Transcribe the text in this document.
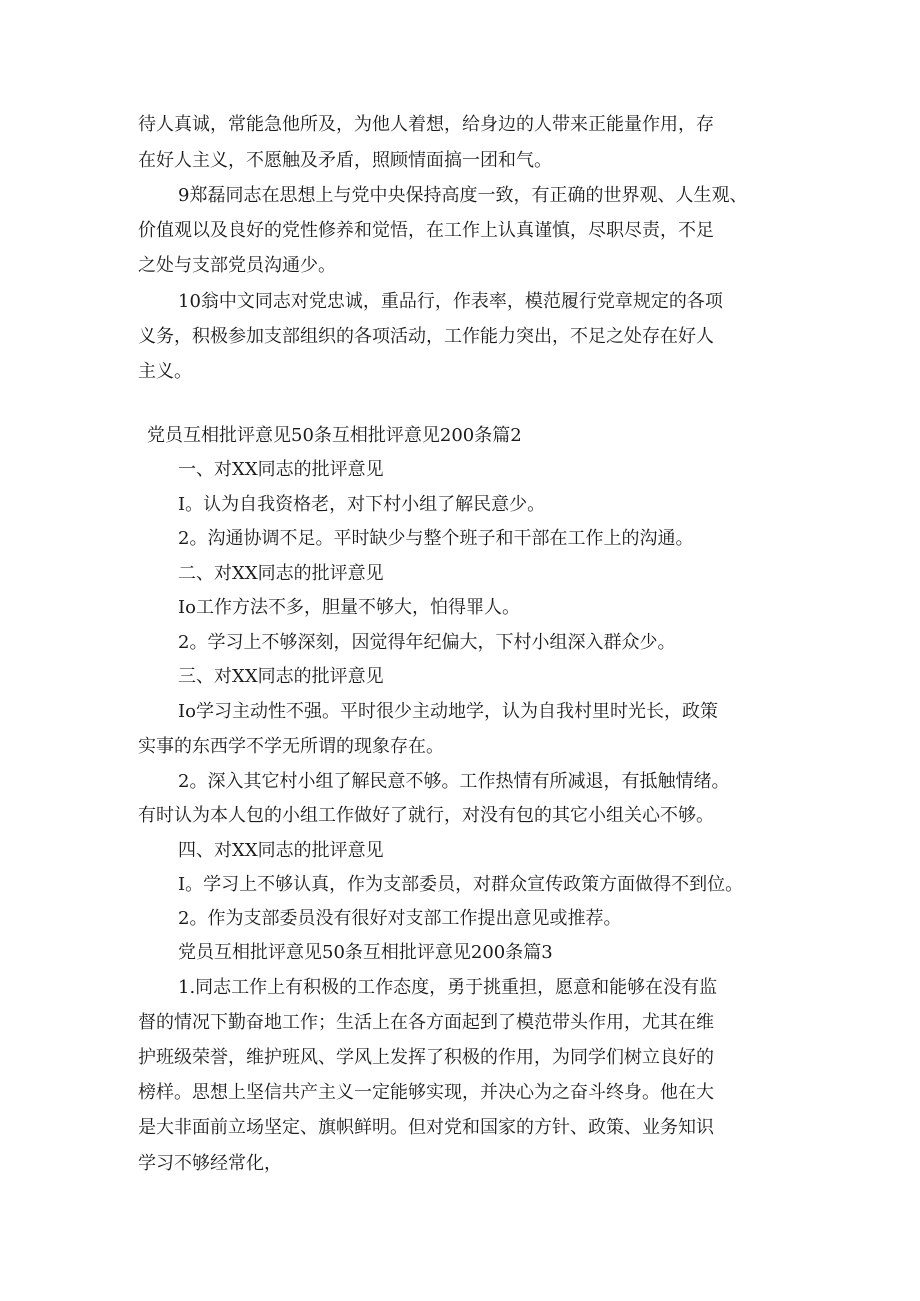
待人真诚，常能急他所及，为他人着想，给身边的人带来正能量作用，存
在好人主义，不愿触及矛盾，照顾情面搞一团和气。
9郑磊同志在思想上与党中央保持高度一致，有正确的世界观、人生观、
价值观以及良好的党性修养和觉悟，在工作上认真谨慎，尽职尽责，不足
之处与支部党员沟通少。
10翁中文同志对党忠诚，重品行，作表率，模范履行党章规定的各项
义务，积极参加支部组织的各项活动，工作能力突出，不足之处存在好人
主义。
党员互相批评意见50条互相批评意见200条篇2
一、对XX同志的批评意见
I。认为自我资格老，对下村小组了解民意少。
2。沟通协调不足。平时缺少与整个班子和干部在工作上的沟通。
二、对XX同志的批评意见
Io工作方法不多，胆量不够大，怕得罪人。
2。学习上不够深刻，因觉得年纪偏大，下村小组深入群众少。
三、对XX同志的批评意见
Io学习主动性不强。平时很少主动地学，认为自我村里时光长，政策
实事的东西学不学无所谓的现象存在。
2。深入其它村小组了解民意不够。工作热情有所减退，有抵触情绪。
有时认为本人包的小组工作做好了就行，对没有包的其它小组关心不够。
四、对XX同志的批评意见
I。学习上不够认真，作为支部委员，对群众宣传政策方面做得不到位。
2。作为支部委员没有很好对支部工作提出意见或推荐。
党员互相批评意见50条互相批评意见200条篇3
1.同志工作上有积极的工作态度，勇于挑重担，愿意和能够在没有监
督的情况下勤奋地工作；生活上在各方面起到了模范带头作用，尤其在维
护班级荣誉，维护班风、学风上发挥了积极的作用，为同学们树立良好的
榜样。思想上坚信共产主义一定能够实现，并决心为之奋斗终身。他在大
是大非面前立场坚定、旗帜鲜明。但对党和国家的方针、政策、业务知识
学习不够经常化，
